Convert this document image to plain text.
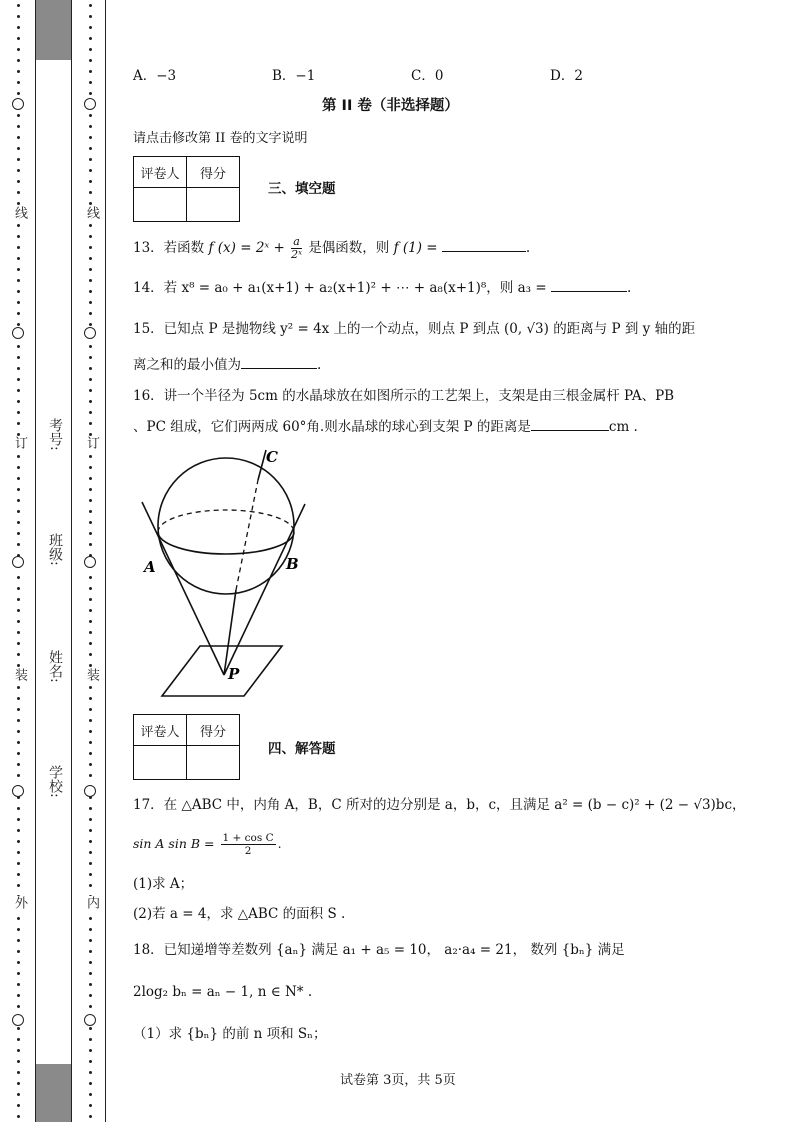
线
订
装
外
线
订
装
内
考号:
班级:
姓名:
学校:
A．−3	B．−1	C．0	D．2
第 II 卷（非选择题）
请点击修改第 II 卷的文字说明
评卷人	得分

三、填空题
13．若函数 f (x) = 2ˣ + $\frac{a}{\text{2ˣ}}$ 是偶函数，则 f (1) =	.
14．若 x⁸ = a₀ + a₁(x+1) + a₂(x+1)² + ⋯ + a₈(x+1)⁸，则 a₃ =	.
15．已知点 P 是抛物线 y² = 4x 上的一个动点，则点 P 到点 (0, √3) 的距离与 P 到 y 轴的距
离之和的最小值为	.
16．讲一个半径为 5cm 的水晶球放在如图所示的工艺架上，支架是由三根金属杆 PA、PB
、PC 组成，它们两两成 60°角.则水晶球的球心到支架 P 的距离是	cm .
A	B
C
P
评卷人	得分

四、解答题
17．在 △ABC 中，内角 A，B，C 所对的边分别是 a，b，c，且满足 a² = (b − c)² + (2 − √3)bc，
sin A $\sin B = \frac{\text{1 + cos C}}{2}$ .
(1)求 A；
(2)若 a = 4，求 △ABC 的面积 S .
18．已知递增等差数列 {aₙ} 满足 a₁ + a₅ = 10， a₂·a₄ = 21， 数列 {bₙ} 满足
2log₂ bₙ = aₙ − 1, n ∈ N* .
（1）求 {bₙ} 的前 n 项和 Sₙ；
试卷第 3页，共 5页
